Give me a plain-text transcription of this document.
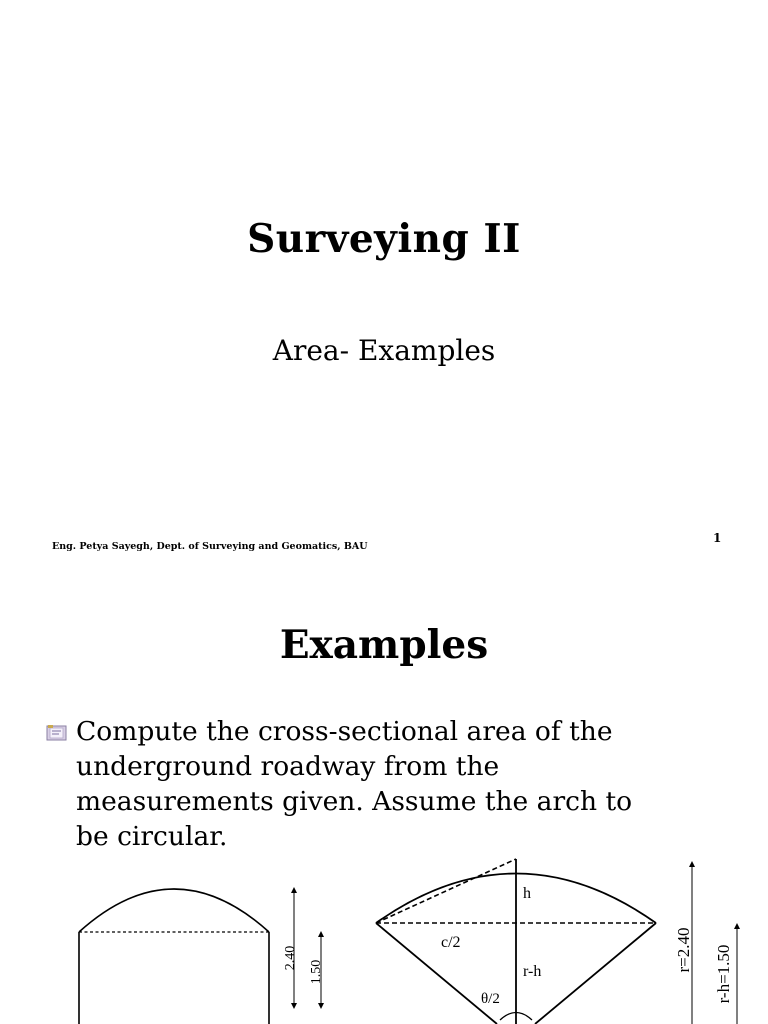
Surveying II
Area- Examples
Eng. Petya Sayegh, Dept. of Surveying and Geomatics, BAU
1
Examples
Compute the cross-sectional area of the
underground roadway from the
measurements given. Assume the arch to
be circular.
2.40
1.50
h
c/2
r-h
θ/2
r=2.40 r-h=1.50
